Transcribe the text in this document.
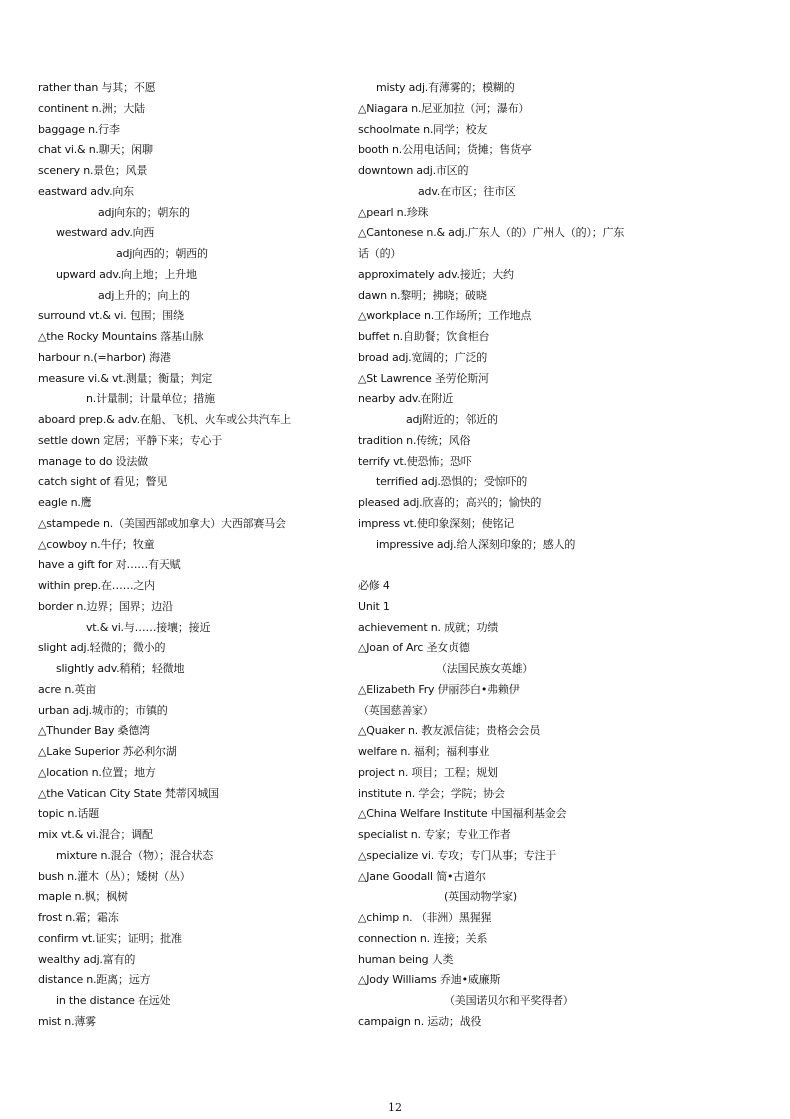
rather than 与其；不愿
continent n.洲；大陆
baggage n.行李
chat vi.& n.聊天；闲聊
scenery n.景色；风景
eastward adv.向东
adj向东的；朝东的
westward adv.向西
adj向西的；朝西的
upward adv.向上地；上升地
adj上升的；向上的
surround vt.& vi. 包围；围绕
△the Rocky Mountains 落基山脉
harbour n.(=harbor) 海港
measure vi.& vt.测量；衡量；判定
n.计量制；计量单位；措施
aboard prep.& adv.在船、飞机、火车或公共汽车上
settle down 定居；平静下来；专心于
manage to do 设法做
catch sight of 看见；瞥见
eagle n.鹰
△stampede n.（美国西部或加拿大）大西部赛马会
△cowboy n.牛仔；牧童
have a gift for 对……有天赋
within prep.在……之内
border n.边界；国界；边沿
vt.& vi.与……接壤；接近
slight adj.轻微的；微小的
slightly adv.稍稍；轻微地
acre n.英亩
urban adj.城市的；市镇的
△Thunder Bay 桑德湾
△Lake Superior 苏必利尔湖
△location n.位置；地方
△the Vatican City State 梵蒂冈城国
topic n.话题
mix vt.& vi.混合；调配
mixture n.混合（物）；混合状态
bush n.灌木（丛）；矮树（丛）
maple n.枫；枫树
frost n.霜；霜冻
confirm vt.证实；证明；批准
wealthy adj.富有的
distance n.距离；远方
in the distance 在远处
mist n.薄雾
misty adj.有薄雾的；模糊的
△Niagara n.尼亚加拉（河；瀑布）
schoolmate n.同学；校友
booth n.公用电话间；货摊；售货亭
downtown adj.市区的
adv.在市区；往市区
△pearl n.珍珠
△Cantonese n.& adj.广东人（的）广州人（的）；广东
话（的）
approximately adv.接近；大约
dawn n.黎明；拂晓；破晓
△workplace n.工作场所；工作地点
buffet n.自助餐；饮食柜台
broad adj.宽阔的；广泛的
△St Lawrence 圣劳伦斯河
nearby adv.在附近
adj附近的；邻近的
tradition n.传统；风俗
terrify vt.使恐怖；恐吓
terrified adj.恐惧的；受惊吓的
pleased adj.欣喜的；高兴的；愉快的
impress vt.使印象深刻；使铭记
impressive adj.给人深刻印象的；感人的
必修 4
Unit 1
achievement n. 成就；功绩
△Joan of Arc 圣女贞德
（法国民族女英雄）
△Elizabeth Fry 伊丽莎白•弗赖伊
（英国慈善家）
△Quaker n. 教友派信徒；贵格会会员
welfare n. 福利；福利事业
project n. 项目；工程；规划
institute n. 学会；学院；协会
△China Welfare Institute 中国福利基金会
specialist n. 专家；专业工作者
△specialize vi. 专攻；专门从事；专注于
△Jane Goodall 简•古道尔
(英国动物学家)
△chimp n. （非洲）黑猩猩
connection n. 连接；关系
human being 人类
△Jody Williams 乔迪•威廉斯
（美国诺贝尔和平奖得者）
campaign n. 运动；战役
12
